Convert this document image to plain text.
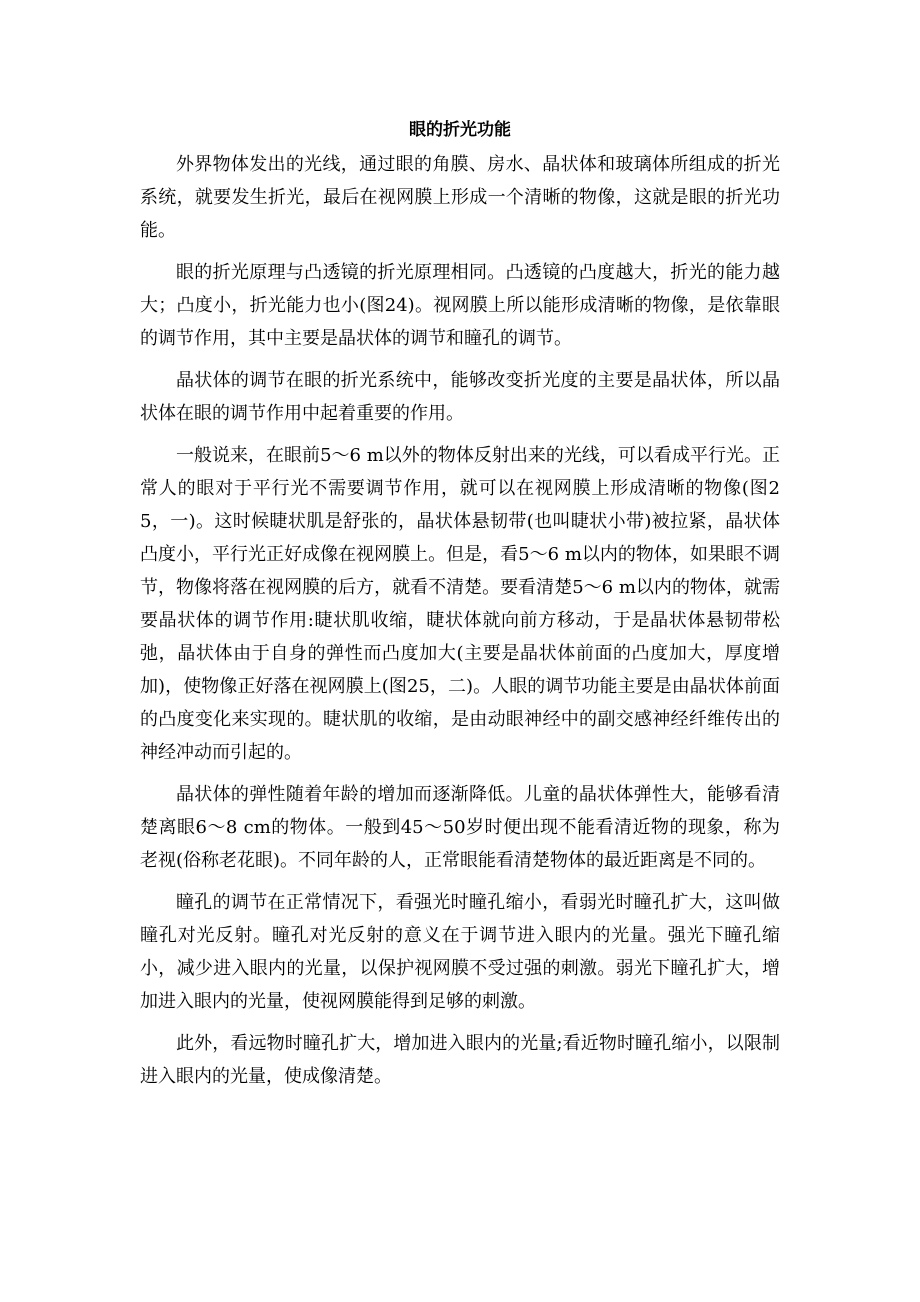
眼的折光功能

外界物体发出的光线，通过眼的角膜、房水、晶状体和玻璃体所组成的折光系统，就要发生折光，最后在视网膜上形成一个清晰的物像，这就是眼的折光功能。

眼的折光原理与凸透镜的折光原理相同。凸透镜的凸度越大，折光的能力越大；凸度小，折光能力也小(图24)。视网膜上所以能形成清晰的物像，是依靠眼的调节作用，其中主要是晶状体的调节和瞳孔的调节。

晶状体的调节在眼的折光系统中，能够改变折光度的主要是晶状体，所以晶状体在眼的调节作用中起着重要的作用。

一般说来，在眼前5～6 m以外的物体反射出来的光线，可以看成平行光。正常人的眼对于平行光不需要调节作用，就可以在视网膜上形成清晰的物像(图25，一)。这时候睫状肌是舒张的，晶状体悬韧带(也叫睫状小带)被拉紧，晶状体凸度小，平行光正好成像在视网膜上。但是，看5～6 m以内的物体，如果眼不调节，物像将落在视网膜的后方，就看不清楚。要看清楚5～6 m以内的物体，就需要晶状体的调节作用:睫状肌收缩，睫状体就向前方移动，于是晶状体悬韧带松弛，晶状体由于自身的弹性而凸度加大(主要是晶状体前面的凸度加大，厚度增加)，使物像正好落在视网膜上(图25，二)。人眼的调节功能主要是由晶状体前面的凸度变化来实现的。睫状肌的收缩，是由动眼神经中的副交感神经纤维传出的神经冲动而引起的。

晶状体的弹性随着年龄的增加而逐渐降低。儿童的晶状体弹性大，能够看清楚离眼6～8 cm的物体。一般到45～50岁时便出现不能看清近物的现象，称为老视(俗称老花眼)。不同年龄的人，正常眼能看清楚物体的最近距离是不同的。

瞳孔的调节在正常情况下，看强光时瞳孔缩小，看弱光时瞳孔扩大，这叫做瞳孔对光反射。瞳孔对光反射的意义在于调节进入眼内的光量。强光下瞳孔缩小，减少进入眼内的光量，以保护视网膜不受过强的刺激。弱光下瞳孔扩大，增加进入眼内的光量，使视网膜能得到足够的刺激。

此外，看远物时瞳孔扩大，增加进入眼内的光量;看近物时瞳孔缩小，以限制进入眼内的光量，使成像清楚。
